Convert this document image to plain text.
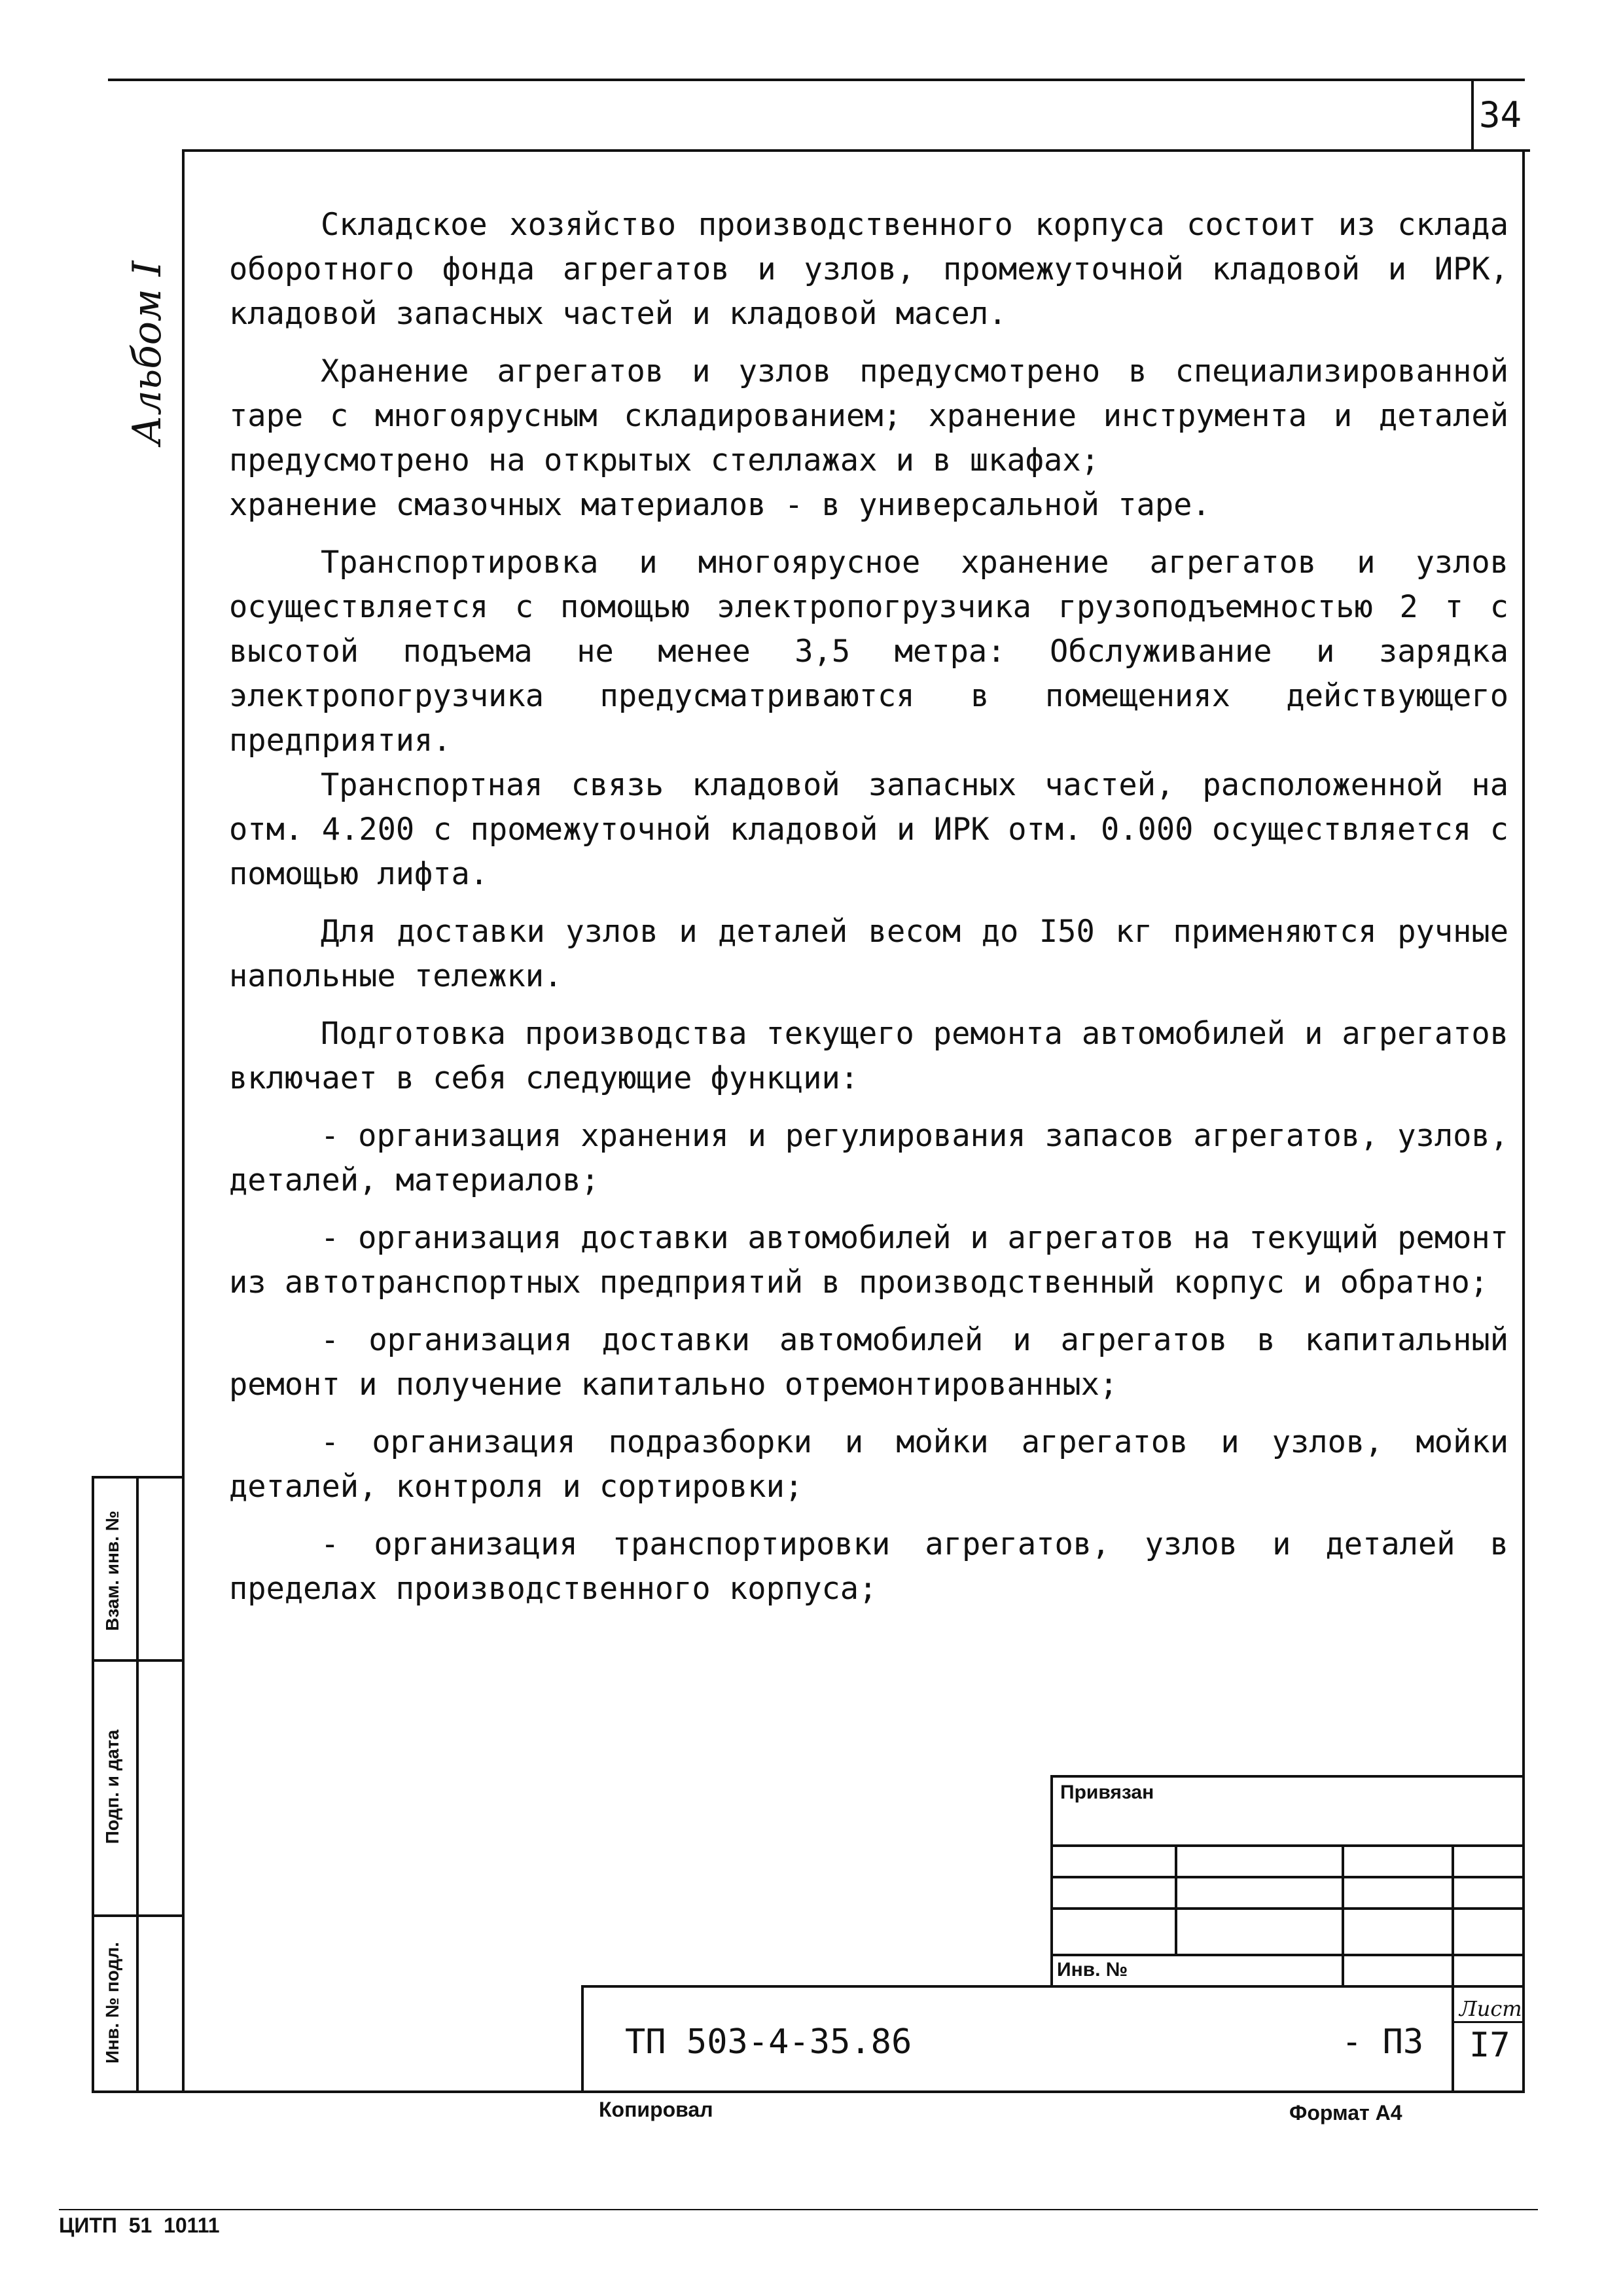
34
Альбом I
Взам. инв. №
Подп. и дата
Инв. № подл.

Складское хозяйство производственного корпуса состоит из склада оборотного фонда агрегатов и узлов, промежуточной кладовой и ИРК, кладовой запасных частей и кладовой масел.

Хранение агрегатов и узлов предусмотрено в специализированной таре с многоярусным складированием; хранение инструмента и деталей предусмотрено на открытых стеллажах и в шкафах;

хранение смазочных материалов - в универсальной таре.

Транспортировка и многоярусное хранение агрегатов и узлов осуществляется с помощью электропогрузчика грузоподъемностью 2 т с высотой подъема не менее 3,5 метра: Обслуживание и зарядка электропогрузчика предусматриваются в помещениях действующего предприятия.

Транспортная связь кладовой запасных частей, расположенной на отм. 4.200 с промежуточной кладовой и ИРК отм. 0.000 осуществляется с помощью лифта.

Для доставки узлов и деталей весом до I50 кг применяются ручные напольные тележки.

Подготовка производства текущего ремонта автомобилей и агрегатов включает в себя следующие функции:

- организация хранения и регулирования запасов агрегатов, узлов, деталей, материалов;

- организация доставки автомобилей и агрегатов на текущий ремонт из автотранспортных предприятий в производственный корпус и обратно;

- организация доставки автомобилей и агрегатов в капитальный ремонт и получение капитально отремонтированных;

- организация подразборки и мойки агрегатов и узлов, мойки деталей, контроля и сортировки;

- организация транспортировки агрегатов, узлов и деталей в пределах производственного корпуса;

Привязан
Инв. №
ТП 503-4-35.86	- ПЗ
Лист
I7
Копировал	Формат А4
ЦИТП  51  10111
